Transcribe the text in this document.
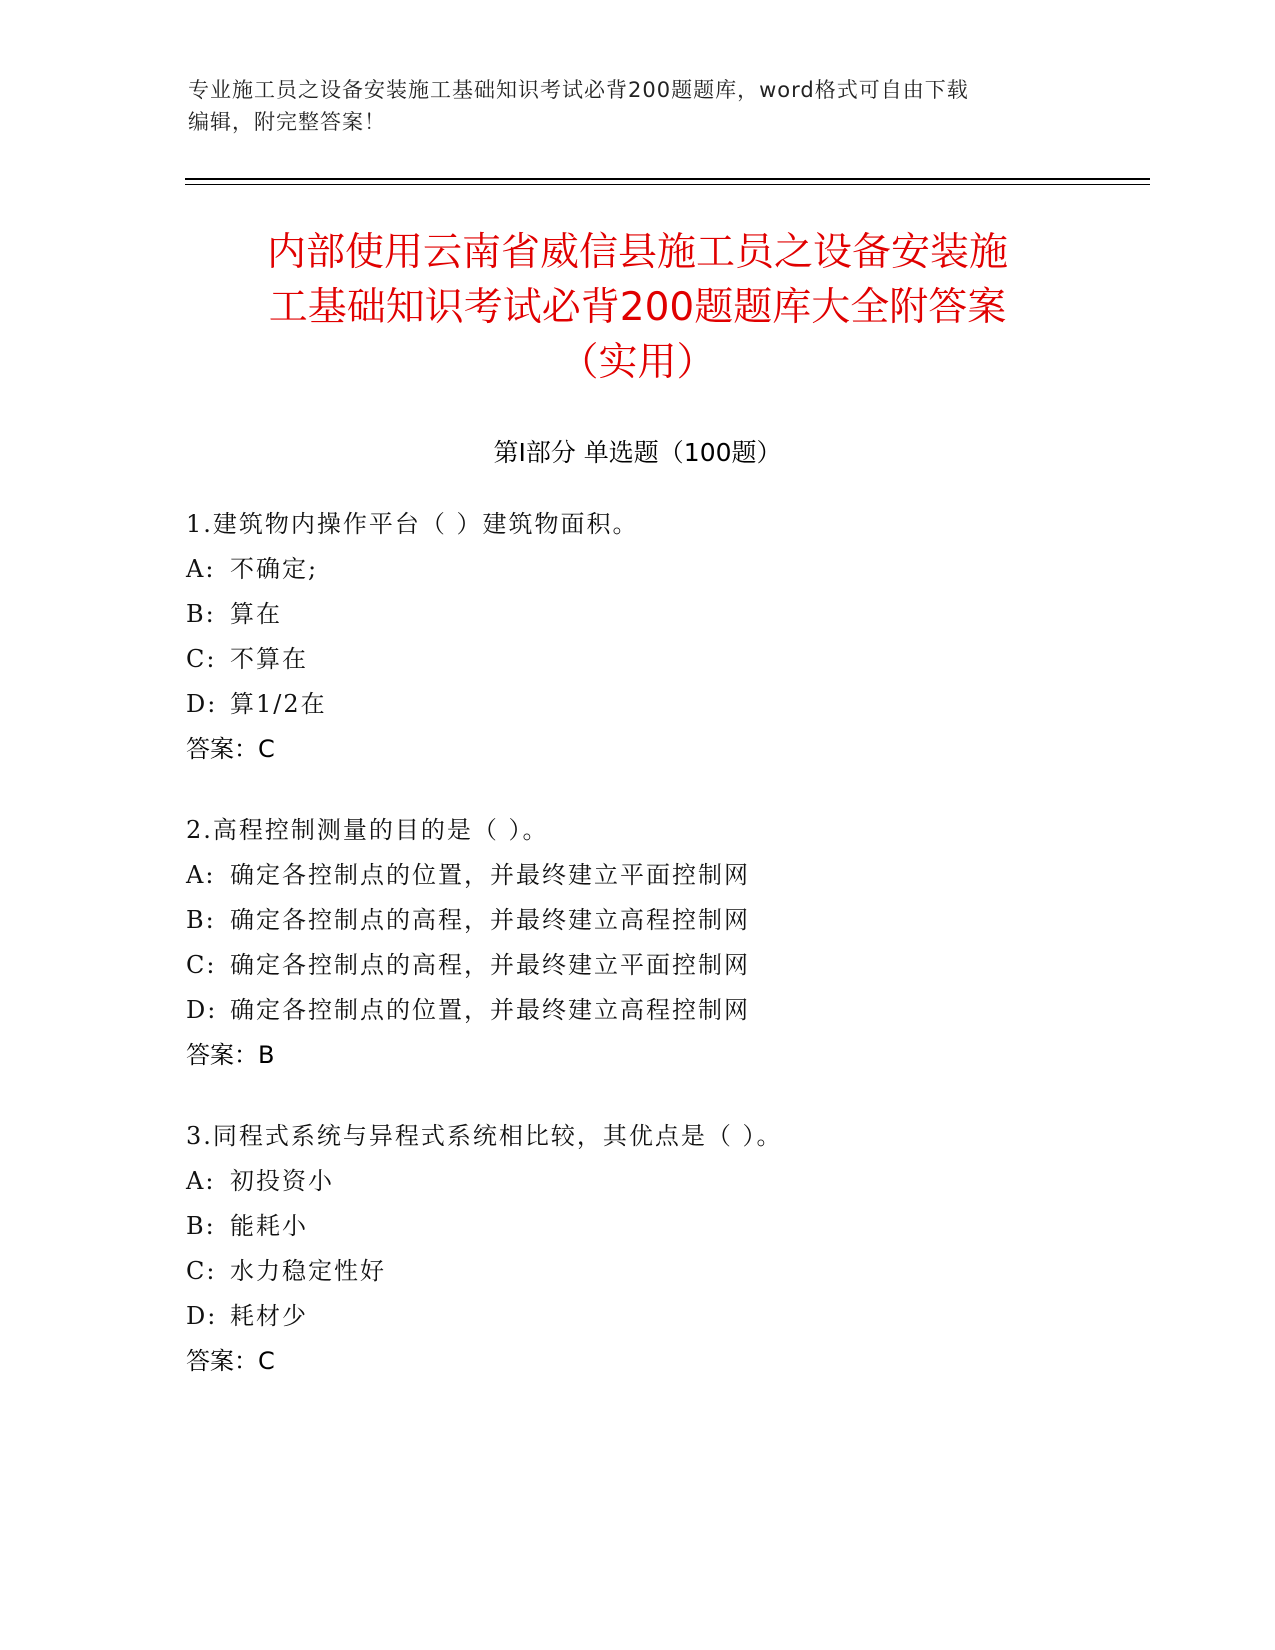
专业施工员之设备安装施工基础知识考试必背200题题库，word格式可自由下载
编辑，附完整答案！
内部使用云南省威信县施工员之设备安装施
工基础知识考试必背200题题库大全附答案
（实用）
第Ⅰ部分 单选题（100题）
1.建筑物内操作平台（ ）建筑物面积。
A: 不确定;
B: 算在
C: 不算在
D: 算1/2在
答案：C
2.高程控制测量的目的是（ ）。
A: 确定各控制点的位置，并最终建立平面控制网
B: 确定各控制点的高程，并最终建立高程控制网
C: 确定各控制点的高程，并最终建立平面控制网
D: 确定各控制点的位置，并最终建立高程控制网
答案：B
3.同程式系统与异程式系统相比较，其优点是（ ）。
A: 初投资小
B: 能耗小
C: 水力稳定性好
D: 耗材少
答案：C
